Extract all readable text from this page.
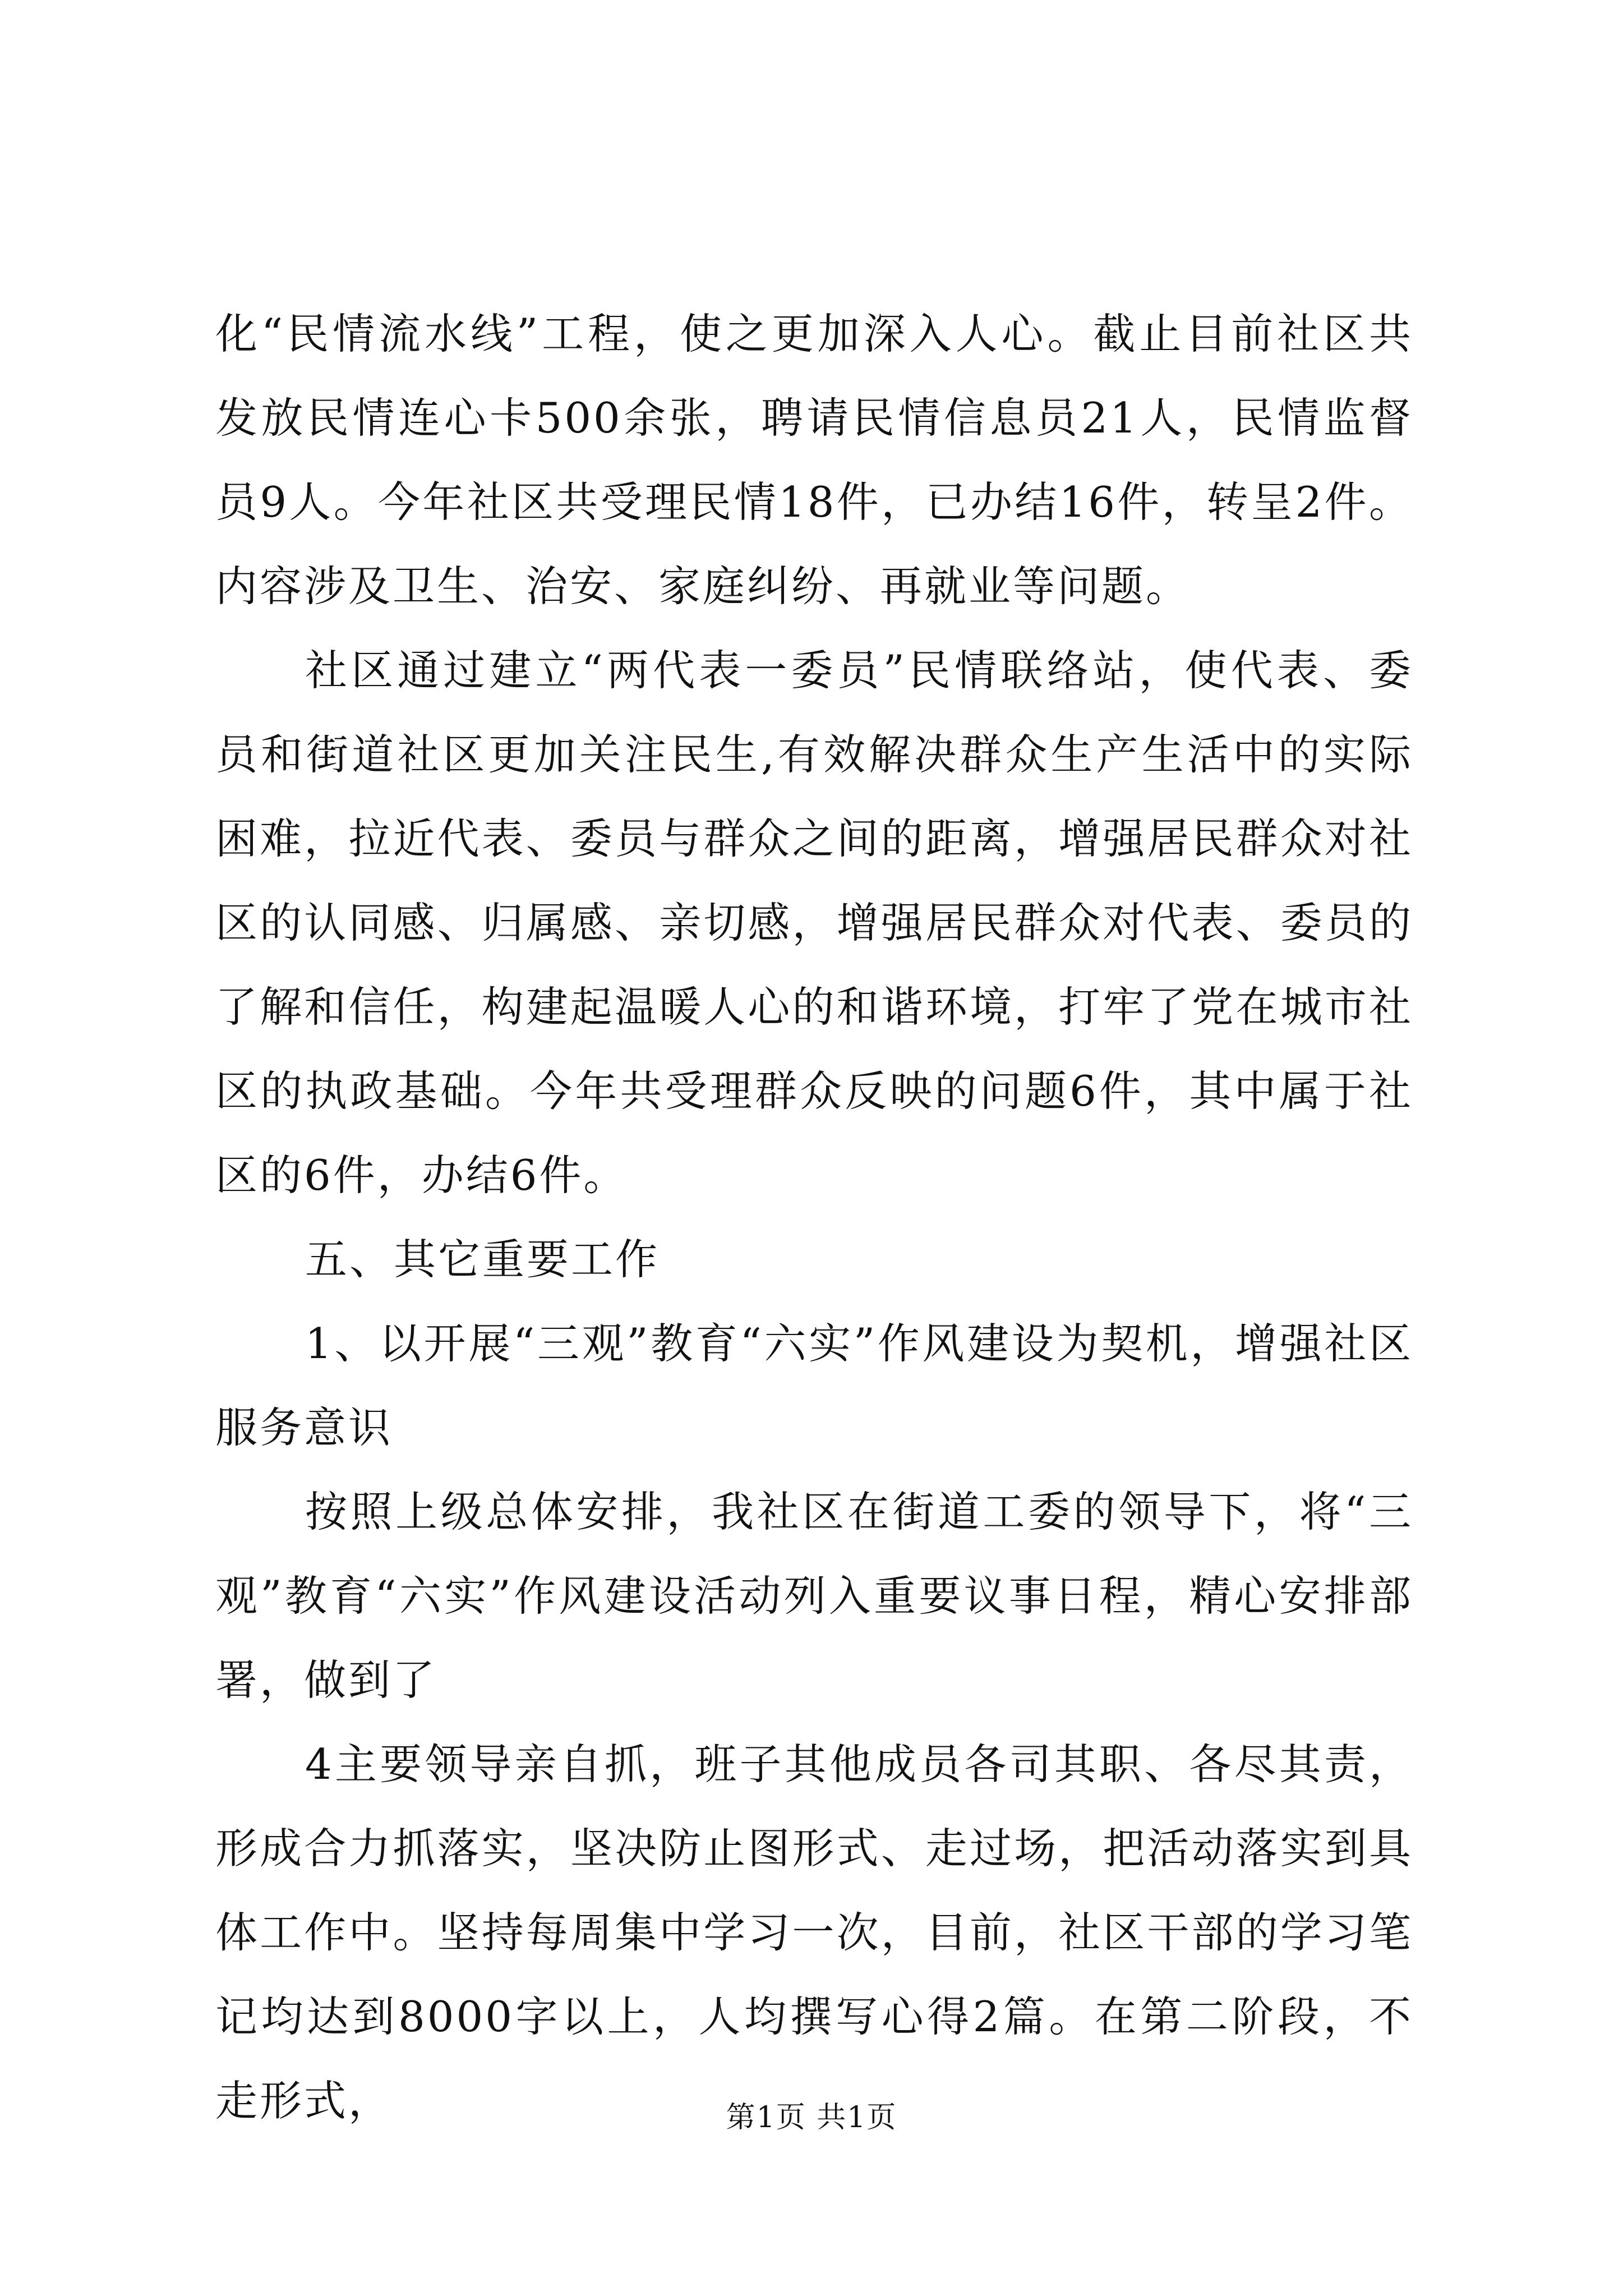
化“民情流水线”工程，使之更加深入人心。截止目前社区共发放民情连心卡500余张，聘请民情信息员21人，民情监督员9人。今年社区共受理民情18件，已办结16件，转呈2件。内容涉及卫生、治安、家庭纠纷、再就业等问题。

社区通过建立“两代表一委员”民情联络站，使代表、委员和街道社区更加关注民生,有效解决群众生产生活中的实际困难，拉近代表、委员与群众之间的距离，增强居民群众对社区的认同感、归属感、亲切感，增强居民群众对代表、委员的了解和信任，构建起温暖人心的和谐环境，打牢了党在城市社区的执政基础。今年共受理群众反映的问题6件，其中属于社区的6件，办结6件。

五、其它重要工作

1、以开展“三观”教育“六实”作风建设为契机，增强社区服务意识

按照上级总体安排，我社区在街道工委的领导下，将“三观”教育“六实”作风建设活动列入重要议事日程，精心安排部署，做到了

4主要领导亲自抓，班子其他成员各司其职、各尽其责，形成合力抓落实，坚决防止图形式、走过场，把活动落实到具体工作中。坚持每周集中学习一次，目前，社区干部的学习笔记均达到8000字以上，人均撰写心得2篇。在第二阶段，不走形式，	第1页 共1页
